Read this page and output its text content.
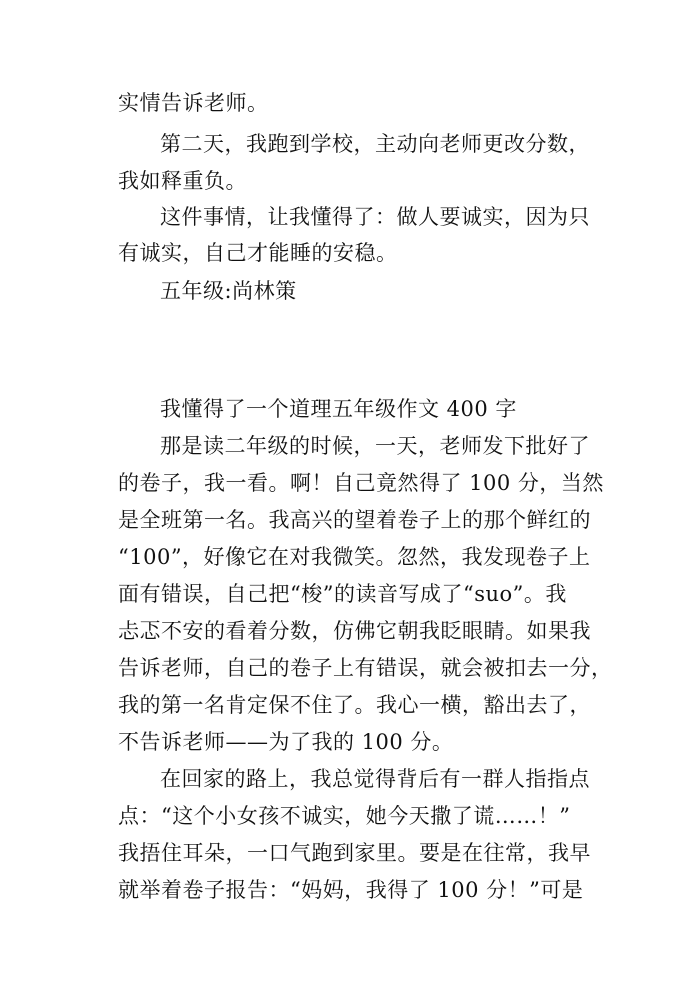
实情告诉老师。
第二天，我跑到学校，主动向老师更改分数，
我如释重负。
这件事情，让我懂得了：做人要诚实，因为只
有诚实，自己才能睡的安稳。
五年级:尚林策
我懂得了一个道理五年级作文 400 字
那是读二年级的时候，一天，老师发下批好了
的卷子，我一看。啊！自己竟然得了 100 分，当然
是全班第一名。我高兴的望着卷子上的那个鲜红的
“100”，好像它在对我微笑。忽然，我发现卷子上
面有错误，自己把“梭”的读音写成了“suo”。我
忐忑不安的看着分数，仿佛它朝我眨眼睛。如果我
告诉老师，自己的卷子上有错误，就会被扣去一分，
我的第一名肯定保不住了。我心一横，豁出去了，
不告诉老师——为了我的 100 分。
在回家的路上，我总觉得背后有一群人指指点
点：“这个小女孩不诚实，她今天撒了谎……！”
我捂住耳朵，一口气跑到家里。要是在往常，我早
就举着卷子报告：“妈妈，我得了 100 分！”可是
